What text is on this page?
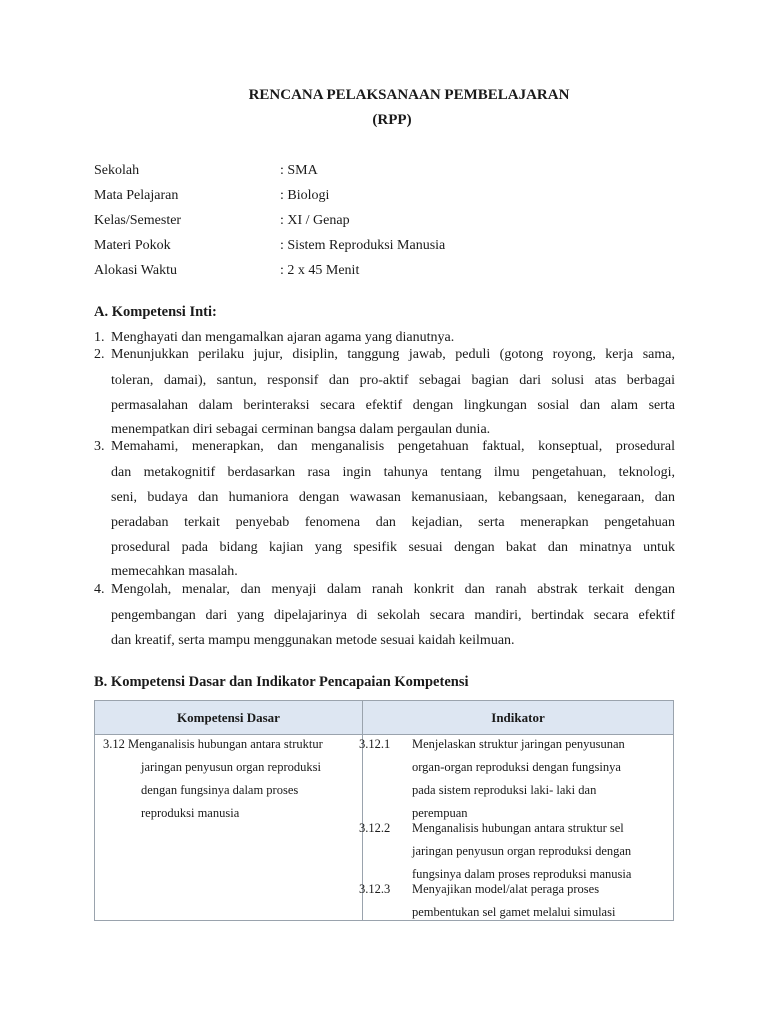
RENCANA PELAKSANAAN PEMBELAJARAN
(RPP)
Sekolah	: SMA
Mata Pelajaran	: Biologi
Kelas/Semester	: XI / Genap
Materi Pokok	: Sistem Reproduksi Manusia
Alokasi Waktu	: 2 x 45 Menit
A. Kompetensi Inti:
1. Menghayati dan mengamalkan ajaran agama yang dianutnya.
2. Menunjukkan perilaku jujur, disiplin, tanggung jawab, peduli (gotong royong, kerja sama,
toleran, damai), santun, responsif dan pro-aktif sebagai bagian dari solusi atas berbagai
permasalahan dalam berinteraksi secara efektif dengan lingkungan sosial dan alam serta
menempatkan diri sebagai cerminan bangsa dalam pergaulan dunia.
3. Memahami, menerapkan, dan menganalisis pengetahuan faktual, konseptual, prosedural
dan metakognitif berdasarkan rasa ingin tahunya tentang ilmu pengetahuan, teknologi,
seni, budaya dan humaniora dengan wawasan kemanusiaan, kebangsaan, kenegaraan, dan
peradaban terkait penyebab fenomena dan kejadian, serta menerapkan pengetahuan
prosedural pada bidang kajian yang spesifik sesuai dengan bakat dan minatnya untuk
memecahkan masalah.
4. Mengolah, menalar, dan menyaji dalam ranah konkrit dan ranah abstrak terkait dengan
pengembangan dari yang dipelajarinya di sekolah secara mandiri, bertindak secara efektif
dan kreatif, serta mampu menggunakan metode sesuai kaidah keilmuan.
B. Kompetensi Dasar dan Indikator Pencapaian Kompetensi
Kompetensi Dasar	Indikator
3.12 Menganalisis hubungan antara struktur
jaringan penyusun organ reproduksi
dengan fungsinya dalam proses
reproduksi manusia
3.12.1 Menjelaskan struktur jaringan penyusunan
organ-organ reproduksi dengan fungsinya
pada sistem reproduksi laki- laki dan
perempuan
3.12.2 Menganalisis hubungan antara struktur sel
jaringan penyusun organ reproduksi dengan
fungsinya dalam proses reproduksi manusia
3.12.3 Menyajikan model/alat peraga proses
pembentukan sel gamet melalui simulasi
